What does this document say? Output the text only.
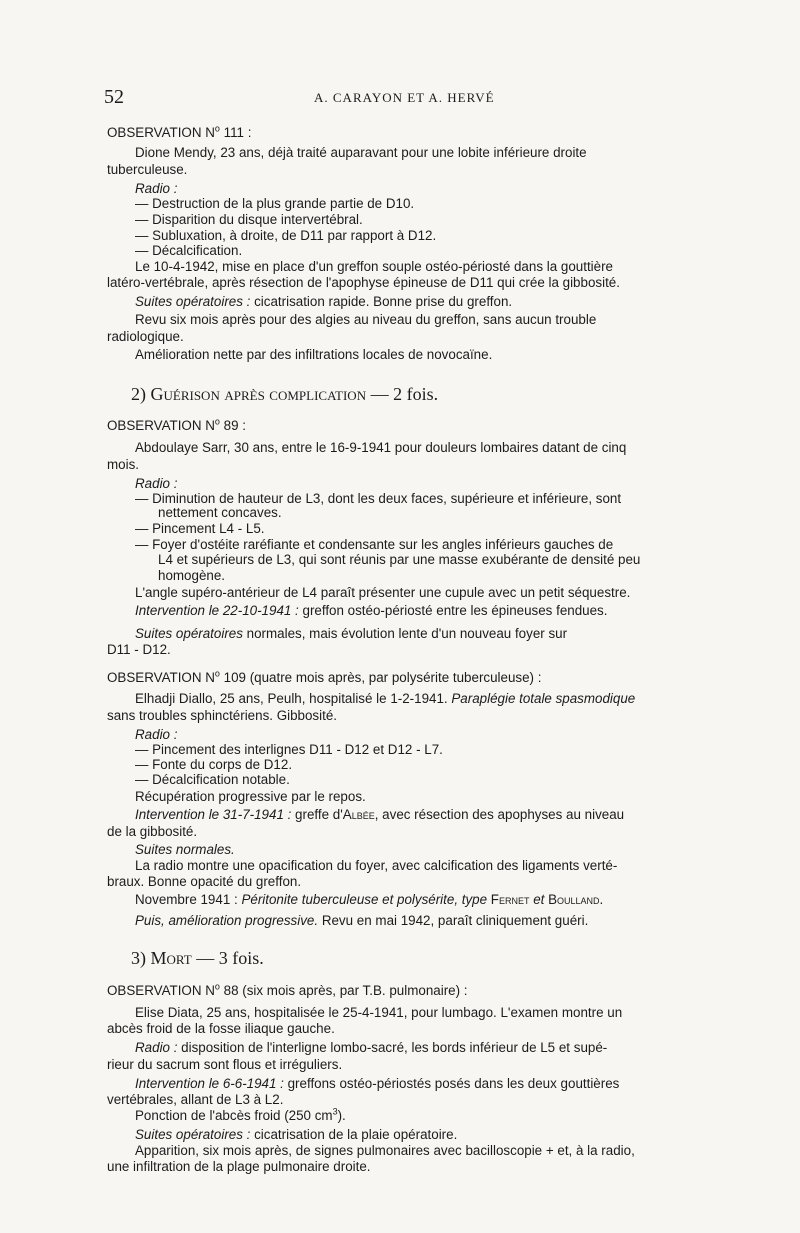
52	A. CARAYON ET A. HERVÉ
OBSERVATION $N^o$ 111 :
Dione Mendy, 23 ans, déjà traité auparavant pour une lobite inférieure droite
tuberculeuse.
Radio :
— Destruction de la plus grande partie de D10.
— Disparition du disque intervertébral.
— Subluxation, à droite, de D11 par rapport à D12.
— Décalcification.
Le 10-4-1942, mise en place d'un greffon souple ostéo-périosté dans la gouttière
latéro-vertébrale, après résection de l'apophyse épineuse de D11 qui crée la gibbosité.
Suites opératoires : cicatrisation rapide. Bonne prise du greffon.
Revu six mois après pour des algies au niveau du greffon, sans aucun trouble
radiologique.
Amélioration nette par des infiltrations locales de novocaïne.
2) Guérison après complication — 2 fois.
OBSERVATION $N^o$ 89 :
Abdoulaye Sarr, 30 ans, entre le 16-9-1941 pour douleurs lombaires datant de cinq
mois.
Radio :
— Diminution de hauteur de L3, dont les deux faces, supérieure et inférieure, sont
nettement concaves.
— Pincement L4 - L5.
— Foyer d'ostéite raréfiante et condensante sur les angles inférieurs gauches de
L4 et supérieurs de L3, qui sont réunis par une masse exubérante de densité peu
homogène.
L'angle supéro-antérieur de L4 paraît présenter une cupule avec un petit séquestre.
Intervention le 22-10-1941 : greffon ostéo-périosté entre les épineuses fendues.
Suites opératoires normales, mais évolution lente d'un nouveau foyer sur
D11 - D12.
OBSERVATION $N^o$ 109 (quatre mois après, par polysérite tuberculeuse) :
Elhadji Diallo, 25 ans, Peulh, hospitalisé le 1-2-1941. Paraplégie totale spasmodique
sans troubles sphinctériens. Gibbosité.
Radio :
— Pincement des interlignes D11 - D12 et D12 - L7.
— Fonte du corps de D12.
— Décalcification notable.
Récupération progressive par le repos.
Intervention le 31-7-1941 : greffe d'Albée, avec résection des apophyses au niveau
de la gibbosité.
Suites normales.
La radio montre une opacification du foyer, avec calcification des ligaments verté-
braux. Bonne opacité du greffon.
Novembre 1941 : Péritonite tuberculeuse et polysérite, type Fernet et Boulland.
Puis, amélioration progressive. Revu en mai 1942, paraît cliniquement guéri.
3) Mort — 3 fois.
OBSERVATION $N^o$ 88 (six mois après, par T.B. pulmonaire) :
Elise Diata, 25 ans, hospitalisée le 25-4-1941, pour lumbago. L'examen montre un
abcès froid de la fosse iliaque gauche.
Radio : disposition de l'interligne lombo-sacré, les bords inférieur de L5 et supé-
rieur du sacrum sont flous et irréguliers.
Intervention le 6-6-1941 : greffons ostéo-périostés posés dans les deux gouttières
vertébrales, allant de L3 à L2.
Ponction de l'abcès froid (250 $cm^3$).
Suites opératoires : cicatrisation de la plaie opératoire.
Apparition, six mois après, de signes pulmonaires avec bacilloscopie + et, à la radio,
une infiltration de la plage pulmonaire droite.
